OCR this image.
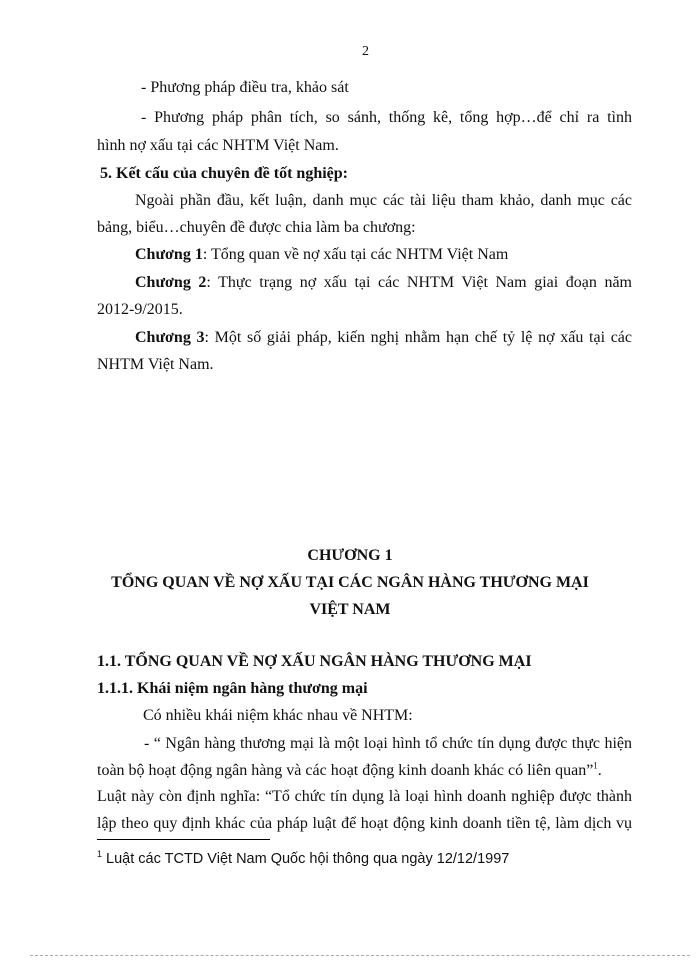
2
- Phương pháp điều tra, khảo sát
- Phương pháp phân tích, so sánh, thống kê, tổng hợp…để chỉ ra tình
hình nợ xấu tại các NHTM Việt Nam.
5. Kết cấu của chuyên đề tốt nghiệp:
Ngoài phần đầu, kết luận, danh mục các tài liệu tham khảo, danh mục các
bảng, biểu…chuyên đề được chia làm ba chương:
Chương 1: Tổng quan về nợ xấu tại các NHTM Việt Nam
Chương 2: Thực trạng nợ xấu tại các NHTM Việt Nam giai đoạn năm
2012-9/2015.
Chương 3: Một số giải pháp, kiến nghị nhằm hạn chế tỷ lệ nợ xấu tại các
NHTM Việt Nam.
CHƯƠNG 1
TỔNG QUAN VỀ NỢ XẤU TẠI CÁC NGÂN HÀNG THƯƠNG MẠI
VIỆT NAM
1.1. TỔNG QUAN VỀ NỢ XẤU NGÂN HÀNG THƯƠNG MẠI
1.1.1. Khái niệm ngân hàng thương mại
Có nhiều khái niệm khác nhau về NHTM:
- “ Ngân hàng thương mại là một loại hình tổ chức tín dụng được thực hiện
toàn bộ hoạt động ngân hàng và các hoạt động kinh doanh khác có liên quan”$^1$.
Luật này còn định nghĩa: “Tổ chức tín dụng là loại hình doanh nghiệp được thành
lập theo quy định khác của pháp luật để hoạt động kinh doanh tiền tệ, làm dịch vụ
$^1$ Luật các TCTD Việt Nam Quốc hội thông qua ngày 12/12/1997
